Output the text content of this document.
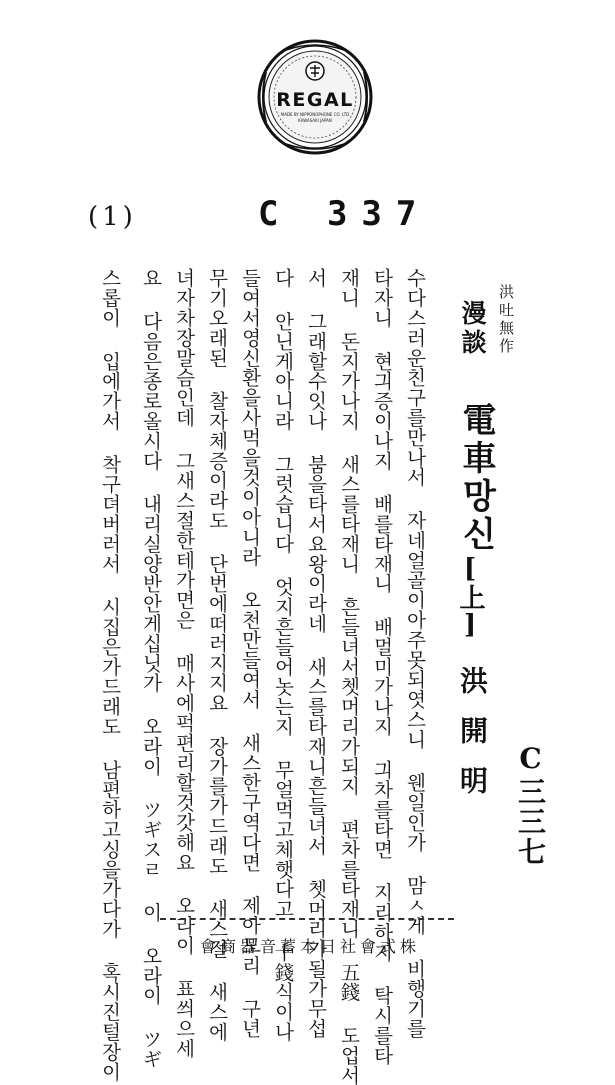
REGAL
MADE BY NIPPONOPHONE CO. LTD
KAWASAKI JAPAN
(1)	C 337
洪吐無作
漫談
電車망신
[上]
洪開明 C三三七
수다스러운친구를만나서 자네얼골이아주못되엿스니 웬일인가 맘ㅅ게 비행기를
타자니 현긔증이나지 배를타재니 배멀미가나지 긔차를타면 지리하지 탁시를타
재니 돈지가나지 새스를타재니 흔들녀서쳇머리가되지 편차를타재니 五錢 도업서
서 그래할수잇나 붐을타서요왕이라네 새스를타재니흔들녀서 쳇머리가될가무섭
다 안닌게아니라 그럿습니다 엇지흔들어놋는지 무얼먹고체햇다고 十錢식이나
들여서영신환을사먹을것이아니라 오천만들여서 새스한구역다면 제아모리 구년
무기오래된 찰자체증이라도 단번에떠러지지요 장가를가드래도 새스절 새스에
녀자차장말슴인데 그새스절한테가면은 매사에퍽편리할것갓해요 오라이 표씌으세
요 다음은종로올시다 내리실양반안게십닛가 오라이 ツギスㄹ 이 오라이 ツギ
스롭이 입에가서 착구뎌버러서 시집은가드래도 남편하고싱을가다가 혹시진털장이	株式會社日本蓄音器商會
